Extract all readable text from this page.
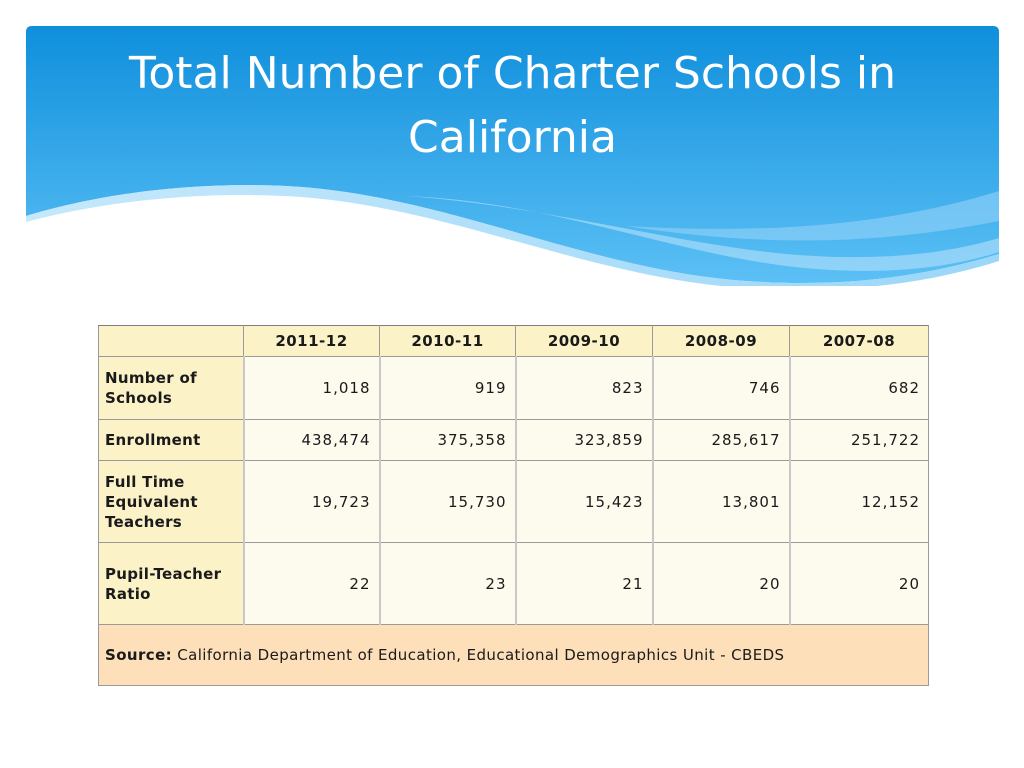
Total Number of Charter Schools in California
	2011-12	2010-11	2009-10	2008-09	2007-08
Number of Schools	1,018	919	823	746	682
Enrollment	438,474	375,358	323,859	285,617	251,722
Full Time Equivalent Teachers	19,723	15,730	15,423	13,801	12,152
Pupil-Teacher Ratio	22	23	21	20	20
Source: California Department of Education, Educational Demographics Unit - CBEDS					
